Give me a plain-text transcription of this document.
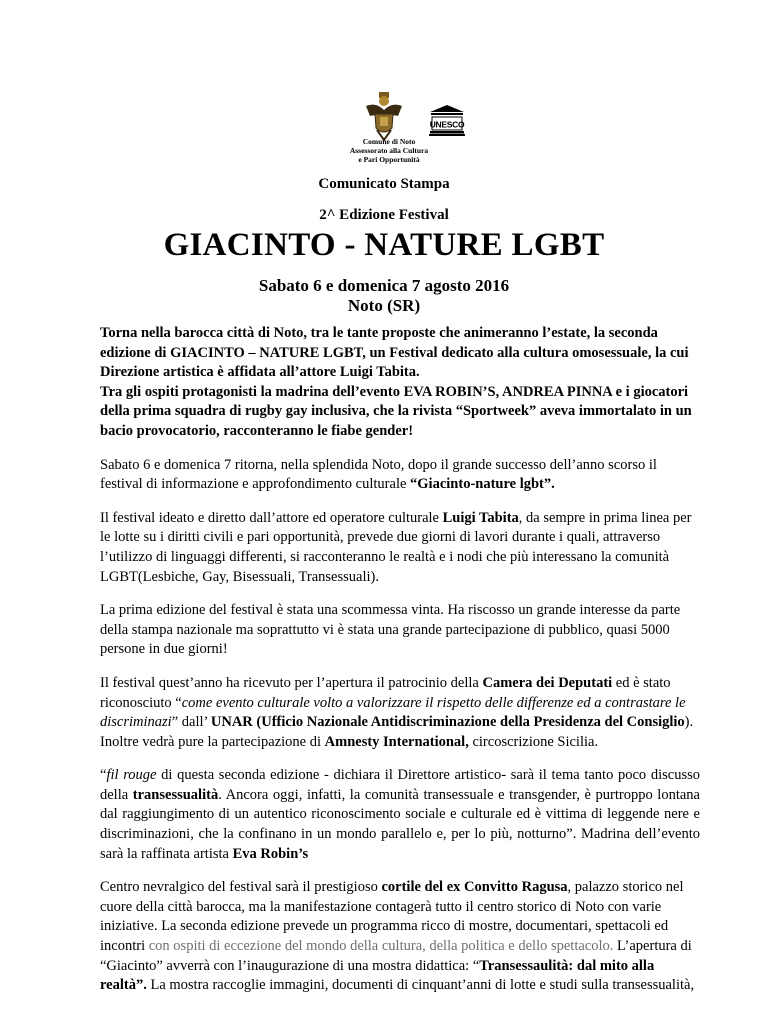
UNESCO
Comune di Noto
Assessorato alla Cultura
e Pari Opportunità
Comunicato Stampa
2^ Edizione Festival
GIACINTO - NATURE LGBT
Sabato 6 e domenica 7 agosto 2016
Noto (SR)

Torna nella barocca città di Noto, tra le tante proposte che animeranno l’estate, la seconda edizione di GIACINTO – NATURE LGBT, un Festival dedicato alla cultura omosessuale, la cui Direzione artistica è affidata all’attore Luigi Tabita.
Tra gli ospiti protagonisti la madrina dell’evento EVA ROBIN’S, ANDREA PINNA e i giocatori della prima squadra di rugby gay inclusiva, che la rivista “Sportweek” aveva immortalato in un bacio provocatorio, racconteranno le fiabe gender!

Sabato 6 e domenica 7 ritorna, nella splendida Noto, dopo il grande successo dell’anno scorso il festival di informazione e approfondimento culturale “Giacinto-nature lgbt”.

Il festival ideato e diretto dall’attore ed operatore culturale Luigi Tabita, da sempre in prima linea per le lotte su i diritti civili e pari opportunità, prevede due giorni di lavori durante i quali, attraverso l’utilizzo di linguaggi differenti, si racconteranno le realtà e i nodi che più interessano la comunità LGBT(Lesbiche, Gay, Bisessuali, Transessuali).

La prima edizione del festival è stata una scommessa vinta. Ha riscosso un grande interesse da parte della stampa nazionale ma soprattutto vi è stata una grande partecipazione di pubblico, quasi 5000 persone in due giorni!

Il festival quest’anno ha ricevuto per l’apertura il patrocinio della Camera dei Deputati ed è stato riconosciuto “come evento culturale volto a valorizzare il rispetto delle differenze ed a contrastare le discriminazi” dall’ UNAR (Ufficio Nazionale Antidiscriminazione della Presidenza del Consiglio). Inoltre vedrà pure la partecipazione di Amnesty International, circoscrizione Sicilia.

“fil rouge di questa seconda edizione - dichiara il Direttore artistico- sarà il tema tanto poco discusso della transessualità. Ancora oggi, infatti, la comunità transessuale e transgender, è purtroppo lontana dal raggiungimento di un autentico riconoscimento sociale e culturale ed è vittima di leggende nere e discriminazioni, che la confinano in un mondo parallelo e, per lo più, notturno”. Madrina dell’evento sarà la raffinata artista Eva Robin’s

Centro nevralgico del festival sarà il prestigioso cortile del ex Convitto Ragusa, palazzo storico nel cuore della città barocca, ma la manifestazione contagerà tutto il centro storico di Noto con varie iniziative. La seconda edizione prevede un programma ricco di mostre, documentari, spettacoli ed incontri con ospiti di eccezione del mondo della cultura, della politica e dello spettacolo. L’apertura di “Giacinto” avverrà con l’inaugurazione di una mostra didattica: “Transessaulità: dal mito alla realtà”. La mostra raccoglie immagini, documenti di cinquant’anni di lotte e studi sulla transessualità,
